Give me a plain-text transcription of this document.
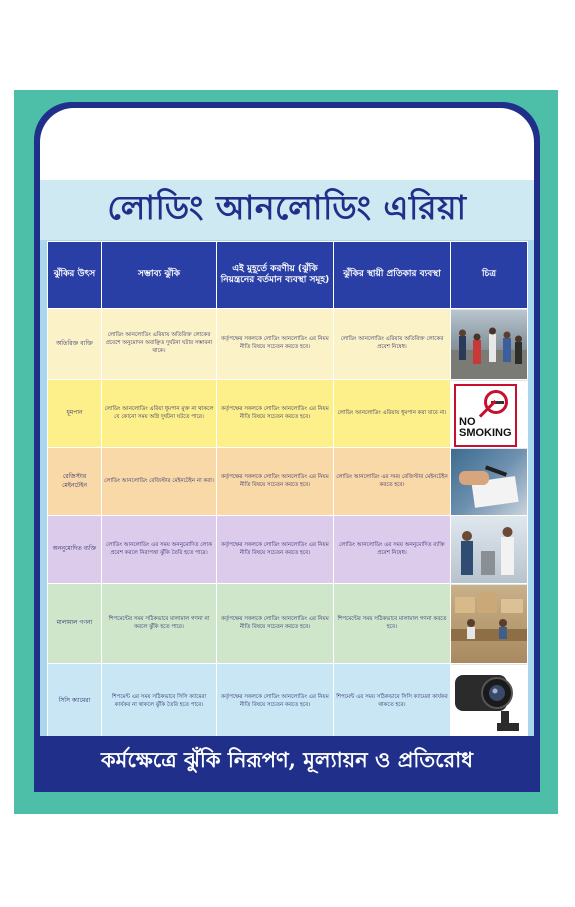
লোডিং আনলোডিং এরিয়া
ঝুঁকির উৎস	সম্ভাব্য ঝুঁকি	এই মুহূর্তে করণীয় (ঝুঁকি নিয়ন্ত্রনের বর্তমান ব্যবস্থা সমূহ)	ঝুঁকির স্থায়ী প্রতিকার ব্যবস্থা	চিত্র
অতিরিক্ত ব্যক্তি	লোডিং আনলোডিং এরিয়ায় অতিরিক্ত লোকের প্রবেশে অনুমোদন অবাঞ্ছিত দুর্ঘটনা ঘটার সম্ভাবনা থাকে।	কর্তৃপক্ষের সকলকে লোডিং আনলোডিং এর নিয়ম নীতি বিষয়ে সচেতন করতে হবে।	লোডিং আনলোডিং এরিয়ায় অতিরিক্ত লোকের প্রবেশ নিষেধ।	

ধূমপান	লোডিং আনলোডিং এরিয়া ধূমপান মুক্ত না থাকলে যে কোনো সময় অগ্নি দুর্ঘটনা ঘটতে পারে।	কর্তৃপক্ষের সকলকে লোডিং আনলোডিং এর নিয়ম নীতি বিষয়ে সচেতন করতে হবে।	লোডিং আনলোডিং এরিয়ায় ধূমপান করা যাবে না।	NO
SMOKING

রেজিস্টার মেইনটেইন	লোডিং আনলোডিং রেজিস্টার মেইনটেইন না করা।	কর্তৃপক্ষের সকলকে লোডিং আনলোডিং এর নিয়ম নীতি বিষয়ে সচেতন করতে হবে।	লোডিং আনলোডিং এর সময় রেজিস্টার মেইনটেইন করতে হবে।	

অননুমোদিত ব্যক্তি	লোডিং আনলোডিং এর সময় অননুমোদিত লোক প্রবেশ করলে নিরাপত্তা ঝুঁকি তৈরি হতে পারে।	কর্তৃপক্ষের সকলকে লোডিং আনলোডিং এর নিয়ম নীতি বিষয়ে সচেতন করতে হবে।	লোডিং আনলোডিং এর সময় অননুমোদিত ব্যক্তি প্রবেশ নিষেধ।	

মালামাল গণনা	শিপমেন্টের সময় সঠিকভাবে মালামাল গণনা না করলে ঝুঁকি হতে পারে।	কর্তৃপক্ষের সকলকে লোডিং আনলোডিং এর নিয়ম নীতি বিষয়ে সচেতন করতে হবে।	শিপমেন্টের সময় সঠিকভাবে মালামাল গণনা করতে হবে।	

সিসি ক্যামেরা	শিপমেন্ট এর সময় সঠিকভাবে সিসি ক্যামেরা কার্যকর না থাকলে ঝুঁকি তৈরি হতে পারে।	কর্তৃপক্ষের সকলকে লোডিং আনলোডিং এর নিয়ম নীতি বিষয়ে সচেতন করতে হবে।	শিপমেন্ট এর সময় সঠিকভাবে সিসি ক্যামেরা কার্যকর থাকতে হবে।	
কর্মক্ষেত্রে ঝুঁকি নিরূপণ, মূল্যায়ন ও প্রতিরোধ
